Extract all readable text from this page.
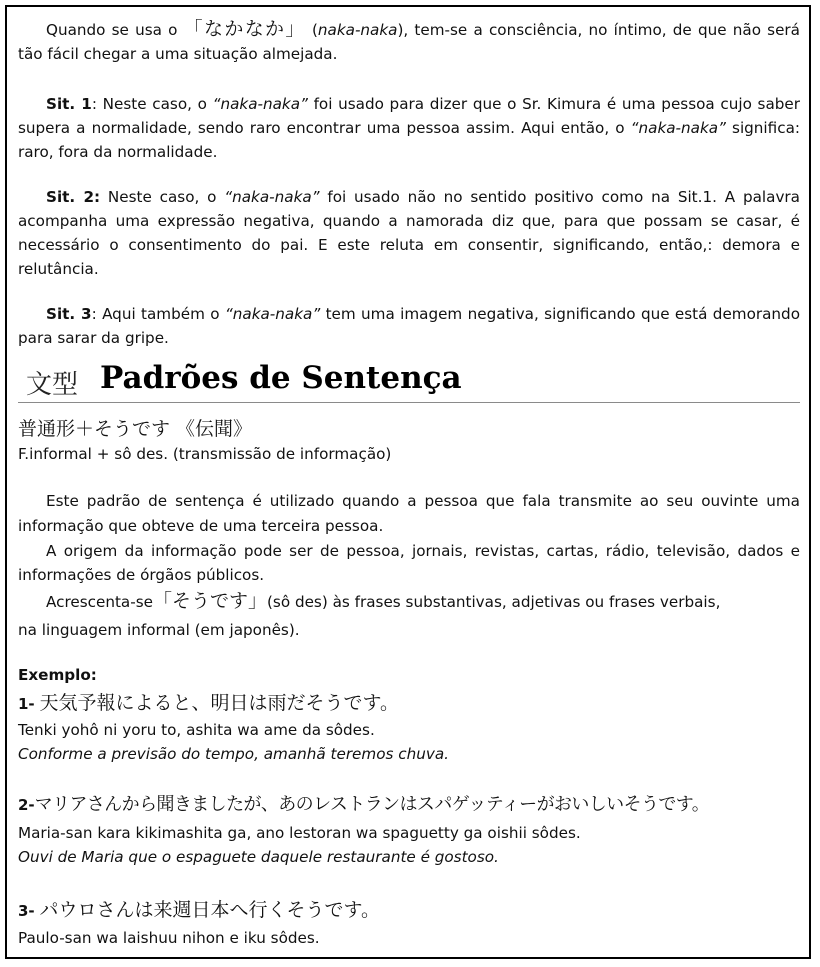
Quando se usa o 「なかなか」 (naka-naka), tem-se a consciência, no íntimo, de que não será tão fácil chegar a uma situação almejada.

Sit. 1: Neste caso, o “naka-naka” foi usado para dizer que o Sr. Kimura é uma pessoa cujo saber supera a normalidade, sendo raro encontrar uma pessoa assim. Aqui então, o “naka-naka” significa: raro, fora da normalidade.

Sit. 2: Neste caso, o “naka-naka” foi usado não no sentido positivo como na Sit.1. A palavra acompanha uma expressão negativa, quando a namorada diz que, para que possam se casar, é necessário o consentimento do pai. E este reluta em consentir, significando, então,: demora e relutância.

Sit. 3: Aqui também o “naka-naka” tem uma imagem negativa, significando que está demorando para sarar da gripe.

文型 Padrões de Sentença
普通形＋そうです 《伝聞》
F.informal + sô des. (transmissão de informação)

Este padrão de sentença é utilizado quando a pessoa que fala transmite ao seu ouvinte uma informação que obteve de uma terceira pessoa.

A origem da informação pode ser de pessoa, jornais, revistas, cartas, rádio, televisão, dados e informações de órgãos públicos.

Acrescenta-se「そうです」(sô des) às frases substantivas, adjetivas ou frases verbais,
na linguagem informal (em japonês).
Exemplo:
1- 天気予報によると、明日は雨だそうです。
Tenki yohô ni yoru to, ashita wa ame da sôdes.
Conforme a previsão do tempo, amanhã teremos chuva.
2-マリアさんから聞きましたが、あのレストランはスパゲッティーがおいしいそうです。
Maria-san kara kikimashita ga, ano lestoran wa spaguetty ga oishii sôdes.
Ouvi de Maria que o espaguete daquele restaurante é gostoso.
3- パウロさんは来週日本へ行くそうです。
Paulo-san wa laishuu nihon e iku sôdes.
